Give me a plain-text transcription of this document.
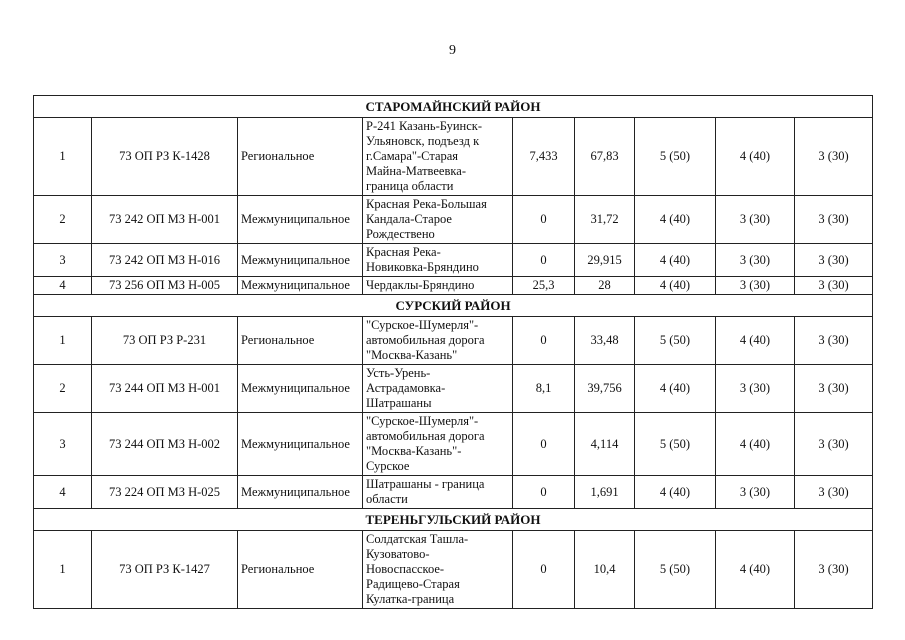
9
СТАРОМАЙНСКИЙ РАЙОН								
1	73 ОП РЗ К-1428	Региональное	Р-241 Казань-Буинск-
Ульяновск, подъезд к
г.Самара"-Старая
Майна-Матвеевка-
граница области	7,433	67,83	5 (50)	4 (40)	3 (30)
2	73 242 ОП МЗ Н-001	Межмуниципальное	Красная Река-Большая
Кандала-Старое
Рождествено	0	31,72	4 (40)	3 (30)	3 (30)
3	73 242 ОП МЗ Н-016	Межмуниципальное	Красная Река-
Новиковка-Бряндино	0	29,915	4 (40)	3 (30)	3 (30)
4	73 256 ОП МЗ Н-005	Межмуниципальное	Чердаклы-Бряндино	25,3	28	4 (40)	3 (30)	3 (30)
СУРСКИЙ РАЙОН								
1	73 ОП РЗ Р-231	Региональное	"Сурское-Шумерля"-
автомобильная дорога
"Москва-Казань"	0	33,48	5 (50)	4 (40)	3 (30)
2	73 244 ОП МЗ Н-001	Межмуниципальное	Усть-Урень-
Астрадамовка-
Шатрашаны	8,1	39,756	4 (40)	3 (30)	3 (30)
3	73 244 ОП МЗ Н-002	Межмуниципальное	"Сурское-Шумерля"-
автомобильная дорога
"Москва-Казань"-
Сурское	0	4,114	5 (50)	4 (40)	3 (30)
4	73 224 ОП МЗ Н-025	Межмуниципальное	Шатрашаны - граница
области	0	1,691	4 (40)	3 (30)	3 (30)
ТЕРЕНЬГУЛЬСКИЙ РАЙОН								
1	73 ОП РЗ К-1427	Региональное	Солдатская Ташла-
Кузоватово-
Новоспасское-
Радищево-Старая
Кулатка-граница	0	10,4	5 (50)	4 (40)	3 (30)
